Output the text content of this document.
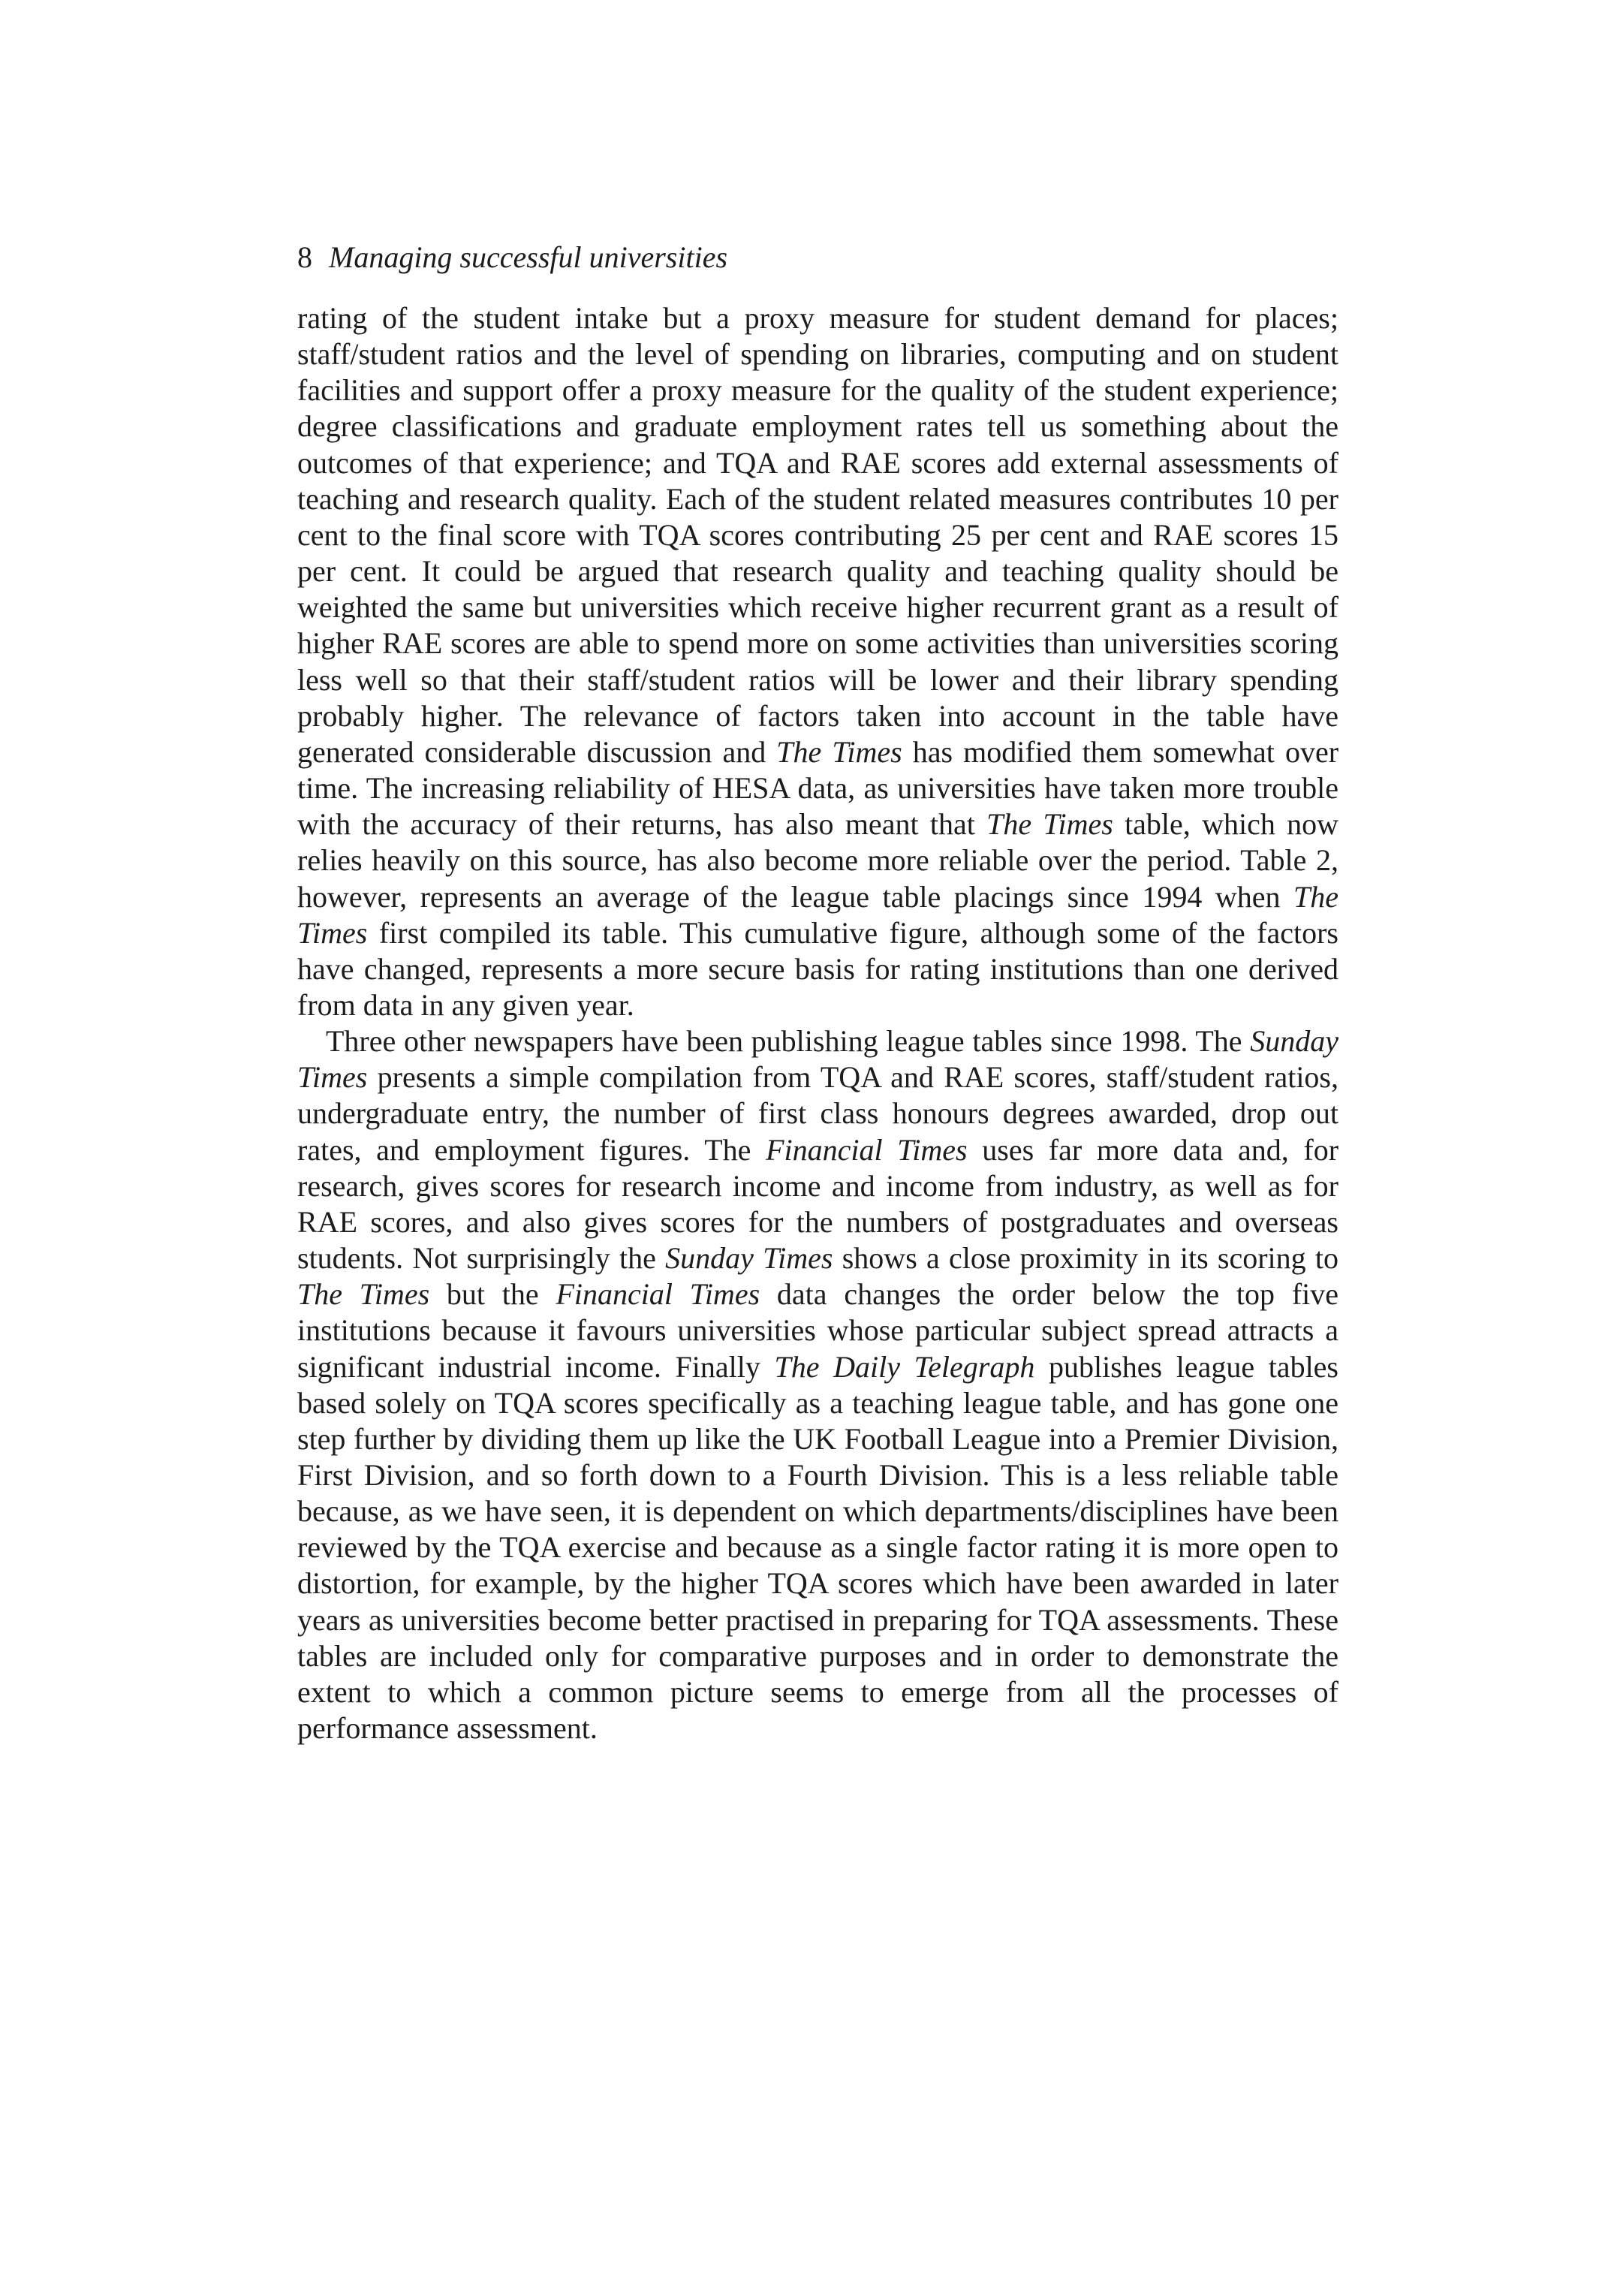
8 Managing successful universities

rating of the student intake but a proxy measure for student demand for places; staff/student ratios and the level of spending on libraries, computing and on student facilities and support offer a proxy measure for the quality of the student experience; degree classifications and graduate employment rates tell us something about the outcomes of that experience; and TQA and RAE scores add external assessments of teaching and research quality. Each of the student related measures contributes 10 per cent to the final score with TQA scores contributing 25 per cent and RAE scores 15 per cent. It could be argued that research quality and teaching quality should be weighted the same but universities which receive higher recurrent grant as a result of higher RAE scores are able to spend more on some activities than universities scoring less well so that their staff/student ratios will be lower and their library spending probably higher. The relevance of factors taken into account in the table have generated considerable discussion and The Times has modified them somewhat over time. The increasing reliability of HESA data, as universities have taken more trouble with the accuracy of their returns, has also meant that The Times table, which now relies heavily on this source, has also become more reliable over the period. Table 2, however, represents an average of the league table placings since 1994 when The Times first compiled its table. This cumulative figure, although some of the factors have changed, represents a more secure basis for rating institutions than one derived from data in any given year.

Three other newspapers have been publishing league tables since 1998. The Sunday Times presents a simple compilation from TQA and RAE scores, staff/student ratios, undergraduate entry, the number of first class honours degrees awarded, drop out rates, and employment figures. The Financial Times uses far more data and, for research, gives scores for research income and income from industry, as well as for RAE scores, and also gives scores for the numbers of postgraduates and overseas students. Not surprisingly the Sunday Times shows a close proximity in its scoring to The Times but the Financial Times data changes the order below the top five institutions because it favours universities whose particular subject spread attracts a significant industrial income. Finally The Daily Telegraph publishes league tables based solely on TQA scores specifically as a teaching league table, and has gone one step further by dividing them up like the UK Football League into a Premier Division, First Division, and so forth down to a Fourth Division. This is a less reliable table because, as we have seen, it is dependent on which departments/disciplines have been reviewed by the TQA exercise and because as a single factor rating it is more open to distortion, for example, by the higher TQA scores which have been awarded in later years as universities become better practised in preparing for TQA assessments. These tables are included only for comparative purposes and in order to demonstrate the extent to which a common picture seems to emerge from all the processes of performance assessment.
